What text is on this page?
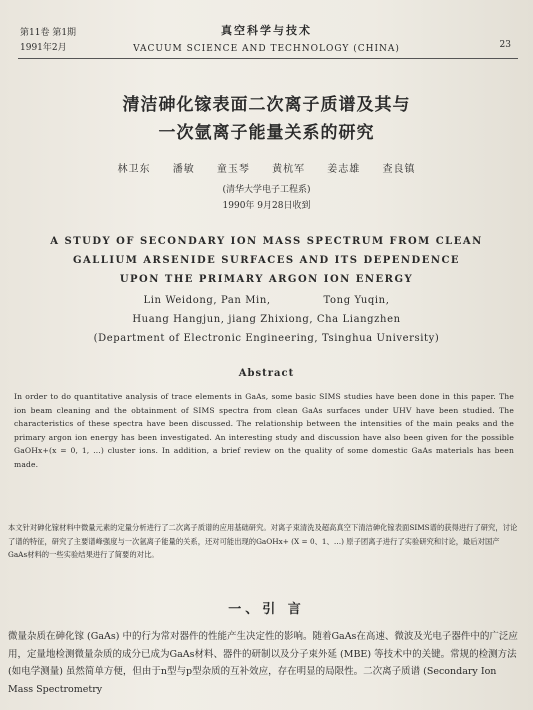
第11卷 第1期
1991年2月
真空科学与技术
VACUUM SCIENCE AND TECHNOLOGY (CHINA)	23
清洁砷化镓表面二次离子质谱及其与
一次氩离子能量关系的研究
林卫东 潘敏 童玉琴 黄杭军 姜志雄 查良镇
(清华大学电子工程系)
1990年 9月28日收到
A STUDY OF SECONDARY ION MASS SPECTRUM FROM CLEAN
GALLIUM ARSENIDE SURFACES AND ITS DEPENDENCE
UPON THE PRIMARY ARGON ION ENERGY
Lin Weidong, Pan Min,              Tong Yuqin,
Huang Hangjun, jiang Zhixiong, Cha Liangzhen
(Department of Electronic Engineering, Tsinghua University)
Abstract

In order to do quantitative analysis of trace elements in GaAs, some basic SIMS studies have been done in this paper. The ion beam cleaning and the obtainment of SIMS spectra from clean GaAs surfaces under UHV have been studied. The characteristics of these spectra have been discussed. The relationship between the intensities of the main peaks and the primary argon ion energy has been investigated. An interesting study and discussion have also been given for the possible GaOHx+(x = 0, 1, …) cluster ions. In addition, a brief review on the quality of some domestic GaAs materials has been made.

本文针对砷化镓材料中微量元素的定量分析进行了二次离子质谱的应用基础研究。对离子束清洗及超高真空下清洁砷化镓表面SIMS谱的获得进行了研究，讨论了谱的特征，研究了主要谱峰强度与一次氩离子能量的关系，还对可能出现的GaOHx+ (X = 0、1、…) 原子团离子进行了实验研究和讨论，最后对国产GaAs材料的一些实验结果进行了简要的对比。

一、引 言

微量杂质在砷化镓 (GaAs) 中的行为常对器件的性能产生决定性的影响。随着GaAs在高速、微波及光电子器件中的广泛应用，定量地检测微量杂质的成分已成为GaAs材料、器件的研制以及分子束外延 (MBE) 等技术中的关键。常规的检测方法 (如电学测量) 虽然简单方便，但由于n型与p型杂质的互补效应，存在明显的局限性。二次离子质谱 (Secondary Ion Mass Spectrometry
